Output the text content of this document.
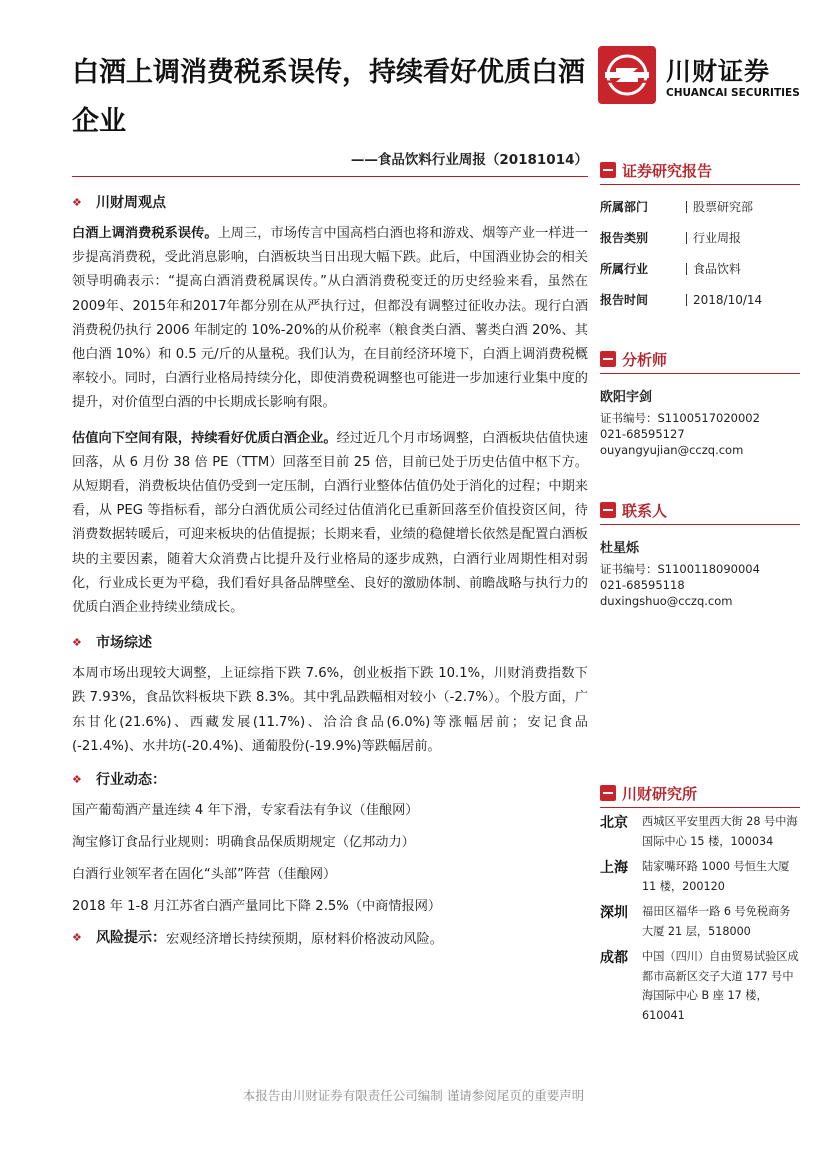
白酒上调消费税系误传，持续看好优质白酒企业
——食品饮料行业周报（20181014）
川财证券
CHUANCAI SECURITIES
❖	川财周观点

白酒上调消费税系误传。上周三，市场传言中国高档白酒也将和游戏、烟等产业一样进一步提高消费税，受此消息影响，白酒板块当日出现大幅下跌。此后，中国酒业协会的相关领导明确表示：“提高白酒消费税属误传。”从白酒消费税变迁的历史经验来看，虽然在2009年、2015年和2017年都分别在从严执行过，但都没有调整过征收办法。现行白酒消费税仍执行 2006 年制定的 10%-20%的从价税率（粮食类白酒、薯类白酒 20%、其他白酒 10%）和 0.5 元/斤的从量税。我们认为，在目前经济环境下，白酒上调消费税概率较小。同时，白酒行业格局持续分化，即使消费税调整也可能进一步加速行业集中度的提升，对价值型白酒的中长期成长影响有限。

估值向下空间有限，持续看好优质白酒企业。经过近几个月市场调整，白酒板块估值快速回落，从 6 月份 38 倍 PE（TTM）回落至目前 25 倍，目前已处于历史估值中枢下方。从短期看，消费板块估值仍受到一定压制，白酒行业整体估值仍处于消化的过程；中期来看，从 PEG 等指标看，部分白酒优质公司经过估值消化已重新回落至价值投资区间，待消费数据转暖后，可迎来板块的估值提振；长期来看，业绩的稳健增长依然是配置白酒板块的主要因素，随着大众消费占比提升及行业格局的逐步成熟，白酒行业周期性相对弱化，行业成长更为平稳，我们看好具备品牌壁垒、良好的激励体制、前瞻战略与执行力的优质白酒企业持续业绩成长。

❖	市场综述

本周市场出现较大调整，上证综指下跌 7.6%，创业板指下跌 10.1%，川财消费指数下跌 7.93%，食品饮料板块下跌 8.3%。其中乳品跌幅相对较小（-2.7%）。个股方面，广东甘化(21.6%)、西藏发展(11.7%)、洽洽食品(6.0%)等涨幅居前；安记食品(-21.4%)、水井坊(-20.4%)、通葡股份(-19.9%)等跌幅居前。

❖	行业动态：
国产葡萄酒产量连续 4 年下滑，专家看法有争议（佳酿网）
淘宝修订食品行业规则：明确食品保质期规定（亿邦动力）
白酒行业领军者在固化“头部”阵营（佳酿网）
2018 年 1-8 月江苏省白酒产量同比下降 2.5%（中商情报网）
❖	风险提示： 宏观经济增长持续预期，原材料价格波动风险。
证券研究报告
所属部门	股票研究部
报告类别	行业周报
所属行业	食品饮料
报告时间	2018/10/14
分析师
欧阳宇剑
证书编号：S1100517020002
021-68595127
ouyangyujian@cczq.com
联系人
杜星烁
证书编号：S1100118090004
021-68595118
duxingshuo@cczq.com
川财研究所
北京	西城区平安里西大街 28 号中海国际中心 15 楼，100034
上海	陆家嘴环路 1000 号恒生大厦 11 楼，200120
深圳	福田区福华一路 6 号免税商务大厦 21 层，518000
成都	中国（四川）自由贸易试验区成都市高新区交子大道 177 号中海国际中心 B 座 17 楼，610041
本报告由川财证券有限责任公司编制 谨请参阅尾页的重要声明
